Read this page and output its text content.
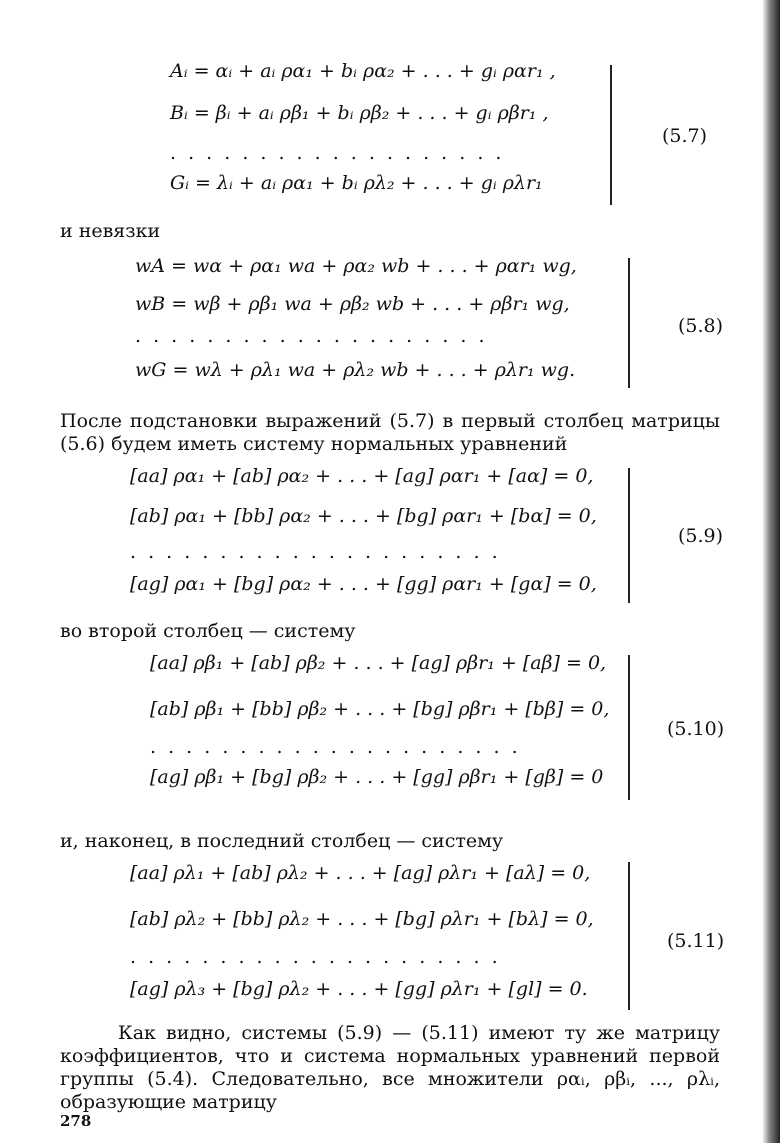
Aᵢ = αᵢ + aᵢ ρα₁ + bᵢ ρα₂ + . . . + gᵢ ραr₁ ,
Bᵢ = βᵢ + aᵢ ρβ₁ + bᵢ ρβ₂ + . . . + gᵢ ρβr₁ ,
. . . . . . . . . . . . . . . . . . .
Gᵢ = λᵢ + aᵢ ρα₁ + bᵢ ρλ₂ + . . . + gᵢ ρλr₁
(5.7)
и невязки
wA = wα + ρα₁ wa + ρα₂ wb + . . . + ραr₁ wg,
wB = wβ + ρβ₁ wa + ρβ₂ wb + . . . + ρβr₁ wg,
. . . . . . . . . . . . . . . . . . . .
wG = wλ + ρλ₁ wa + ρλ₂ wb + . . . + ρλr₁ wg.
(5.8)

После подстановки выражений (5.7) в первый столбец матрицы (5.6) будем иметь систему нормальных уравнений

[aa] ρα₁ + [ab] ρα₂ + . . . + [ag] ραr₁ + [aα] = 0,
[ab] ρα₁ + [bb] ρα₂ + . . . + [bg] ραr₁ + [bα] = 0,
. . . . . . . . . . . . . . . . . . . . .
[ag] ρα₁ + [bg] ρα₂ + . . . + [gg] ραr₁ + [gα] = 0,
(5.9)
во второй столбец — систему
[aa] ρβ₁ + [ab] ρβ₂ + . . . + [ag] ρβr₁ + [aβ] = 0,
[ab] ρβ₁ + [bb] ρβ₂ + . . . + [bg] ρβr₁ + [bβ] = 0,
. . . . . . . . . . . . . . . . . . . . .
[ag] ρβ₁ + [bg] ρβ₂ + . . . + [gg] ρβr₁ + [gβ] = 0
(5.10)
и, наконец, в последний столбец — систему
[aa] ρλ₁ + [ab] ρλ₂ + . . . + [ag] ρλr₁ + [aλ] = 0,
[ab] ρλ₂ + [bb] ρλ₂ + . . . + [bg] ρλr₁ + [bλ] = 0,
. . . . . . . . . . . . . . . . . . . . .
[ag] ρλ₃ + [bg] ρλ₂ + . . . + [gg] ρλr₁ + [gl] = 0.
(5.11)

Как видно, системы (5.9) — (5.11) имеют ту же матрицу коэффициентов, что и система нормальных уравнений первой группы (5.4). Следовательно, все множители ραᵢ, ρβᵢ, ..., ρλᵢ, образующие матрицу

278
